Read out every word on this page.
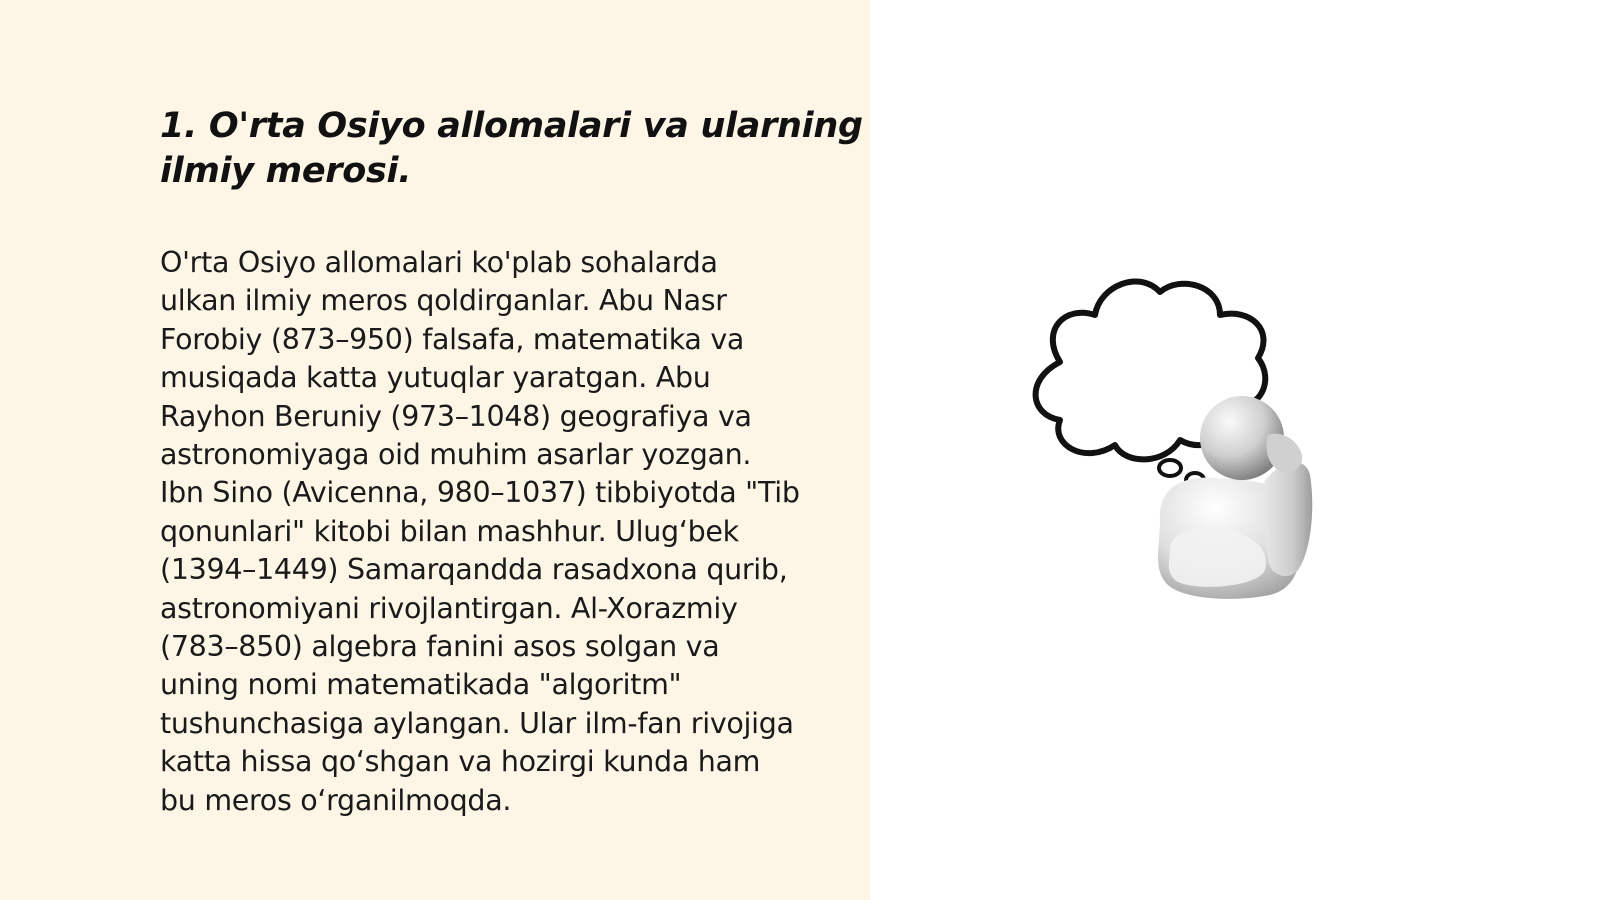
1. O'rta Osiyo allomalari va ularning
ilmiy merosi.

O'rta Osiyo allomalari ko'plab sohalarda
ulkan ilmiy meros qoldirganlar. Abu Nasr
Forobiy (873–950) falsafa, matematika va
musiqada katta yutuqlar yaratgan. Abu
Rayhon Beruniy (973–1048) geografiya va
astronomiyaga oid muhim asarlar yozgan.
Ibn Sino (Avicenna, 980–1037) tibbiyotda "Tib
qonunlari" kitobi bilan mashhur. Ulug‘bek
(1394–1449) Samarqandda rasadxona qurib,
astronomiyani rivojlantirgan. Al-Xorazmiy
(783–850) algebra fanini asos solgan va
uning nomi matematikada "algoritm"
tushunchasiga aylangan. Ular ilm-fan rivojiga
katta hissa qo‘shgan va hozirgi kunda ham
bu meros o‘rganilmoqda.
